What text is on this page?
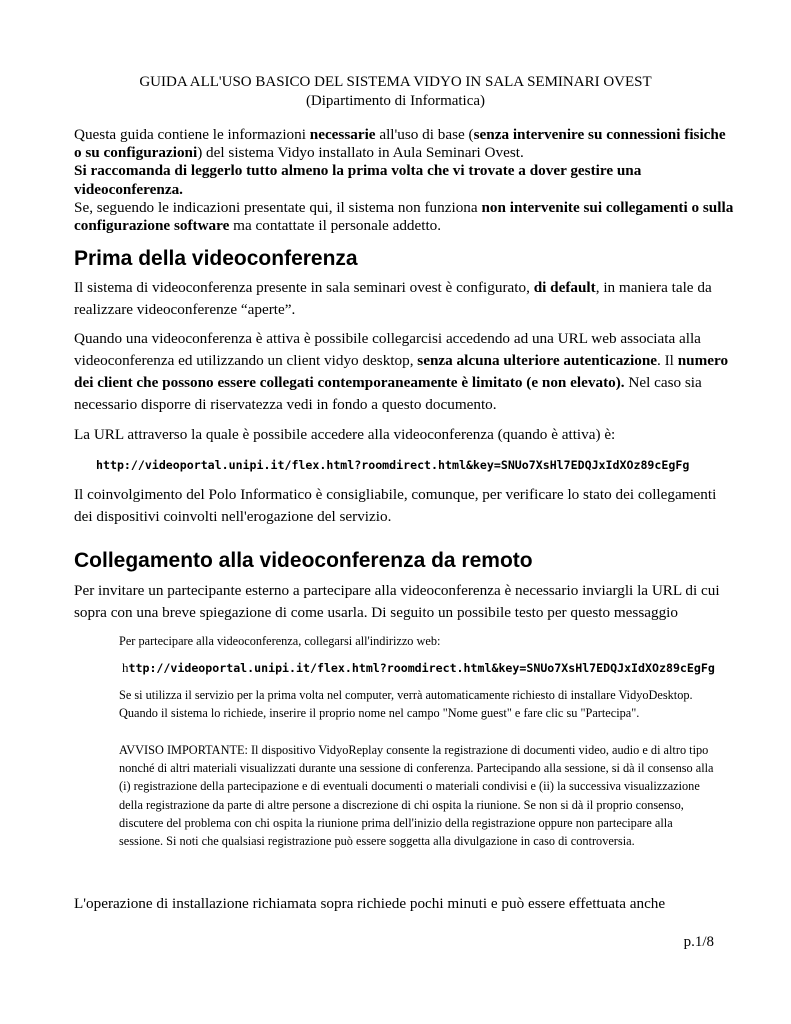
GUIDA ALL'USO BASICO DEL SISTEMA VIDYO IN SALA SEMINARI OVEST
(Dipartimento di Informatica)
Questa guida contiene le informazioni necessarie all'uso di base (senza intervenire su connessioni fisiche o su configurazioni) del sistema Vidyo installato in Aula Seminari Ovest.
Si raccomanda di leggerlo tutto almeno la prima volta che vi trovate a dover gestire una videoconferenza.
Se, seguendo le indicazioni presentate qui, il sistema non funziona non intervenite sui collegamenti o sulla configurazione software ma contattate il personale addetto.
Prima della videoconferenza

Il sistema di videoconferenza presente in sala seminari ovest è configurato, di default, in maniera tale da realizzare videoconferenze “aperte”.

Quando una videoconferenza è attiva è possibile collegarcisi accedendo ad una URL web associata alla videoconferenza ed utilizzando un client vidyo desktop, senza alcuna ulteriore autenticazione. Il numero dei client che possono essere collegati contemporaneamente è limitato (e non elevato). Nel caso sia necessario disporre di riservatezza vedi in fondo a questo documento.

La URL attraverso la quale è possibile accedere alla videoconferenza (quando è attiva) è:

http://videoportal.unipi.it/flex.html?roomdirect.html&key=SNUo7XsHl7EDQJxIdXOz89cEgFg

Il coinvolgimento del Polo Informatico è consigliabile, comunque, per verificare lo stato dei collegamenti dei dispositivi coinvolti nell'erogazione del servizio.

Collegamento alla videoconferenza da remoto

Per invitare un partecipante esterno a partecipare alla videoconferenza è necessario inviargli la URL di cui sopra con una breve spiegazione di come usarla. Di seguito un possibile testo per questo messaggio

Per partecipare alla videoconferenza, collegarsi all'indirizzo web:

http://videoportal.unipi.it/flex.html?roomdirect.html&key=SNUo7XsHl7EDQJxIdXOz89cEgFg

Se si utilizza il servizio per la prima volta nel computer, verrà automaticamente richiesto di installare VidyoDesktop.
Quando il sistema lo richiede, inserire il proprio nome nel campo "Nome guest" e fare clic su "Partecipa".
AVVISO IMPORTANTE: Il dispositivo VidyoReplay consente la registrazione di documenti video, audio e di altro tipo nonché di altri materiali visualizzati durante una sessione di conferenza. Partecipando alla sessione, si dà il consenso alla (i) registrazione della partecipazione e di eventuali documenti o materiali condivisi e (ii) la successiva visualizzazione della registrazione da parte di altre persone a discrezione di chi ospita la riunione. Se non si dà il proprio consenso, discutere del problema con chi ospita la riunione prima dell'inizio della registrazione oppure non partecipare alla sessione. Si noti che qualsiasi registrazione può essere soggetta alla divulgazione in caso di controversia.

L'operazione di installazione richiamata sopra richiede pochi minuti e può essere effettuata anche

p.1/8
